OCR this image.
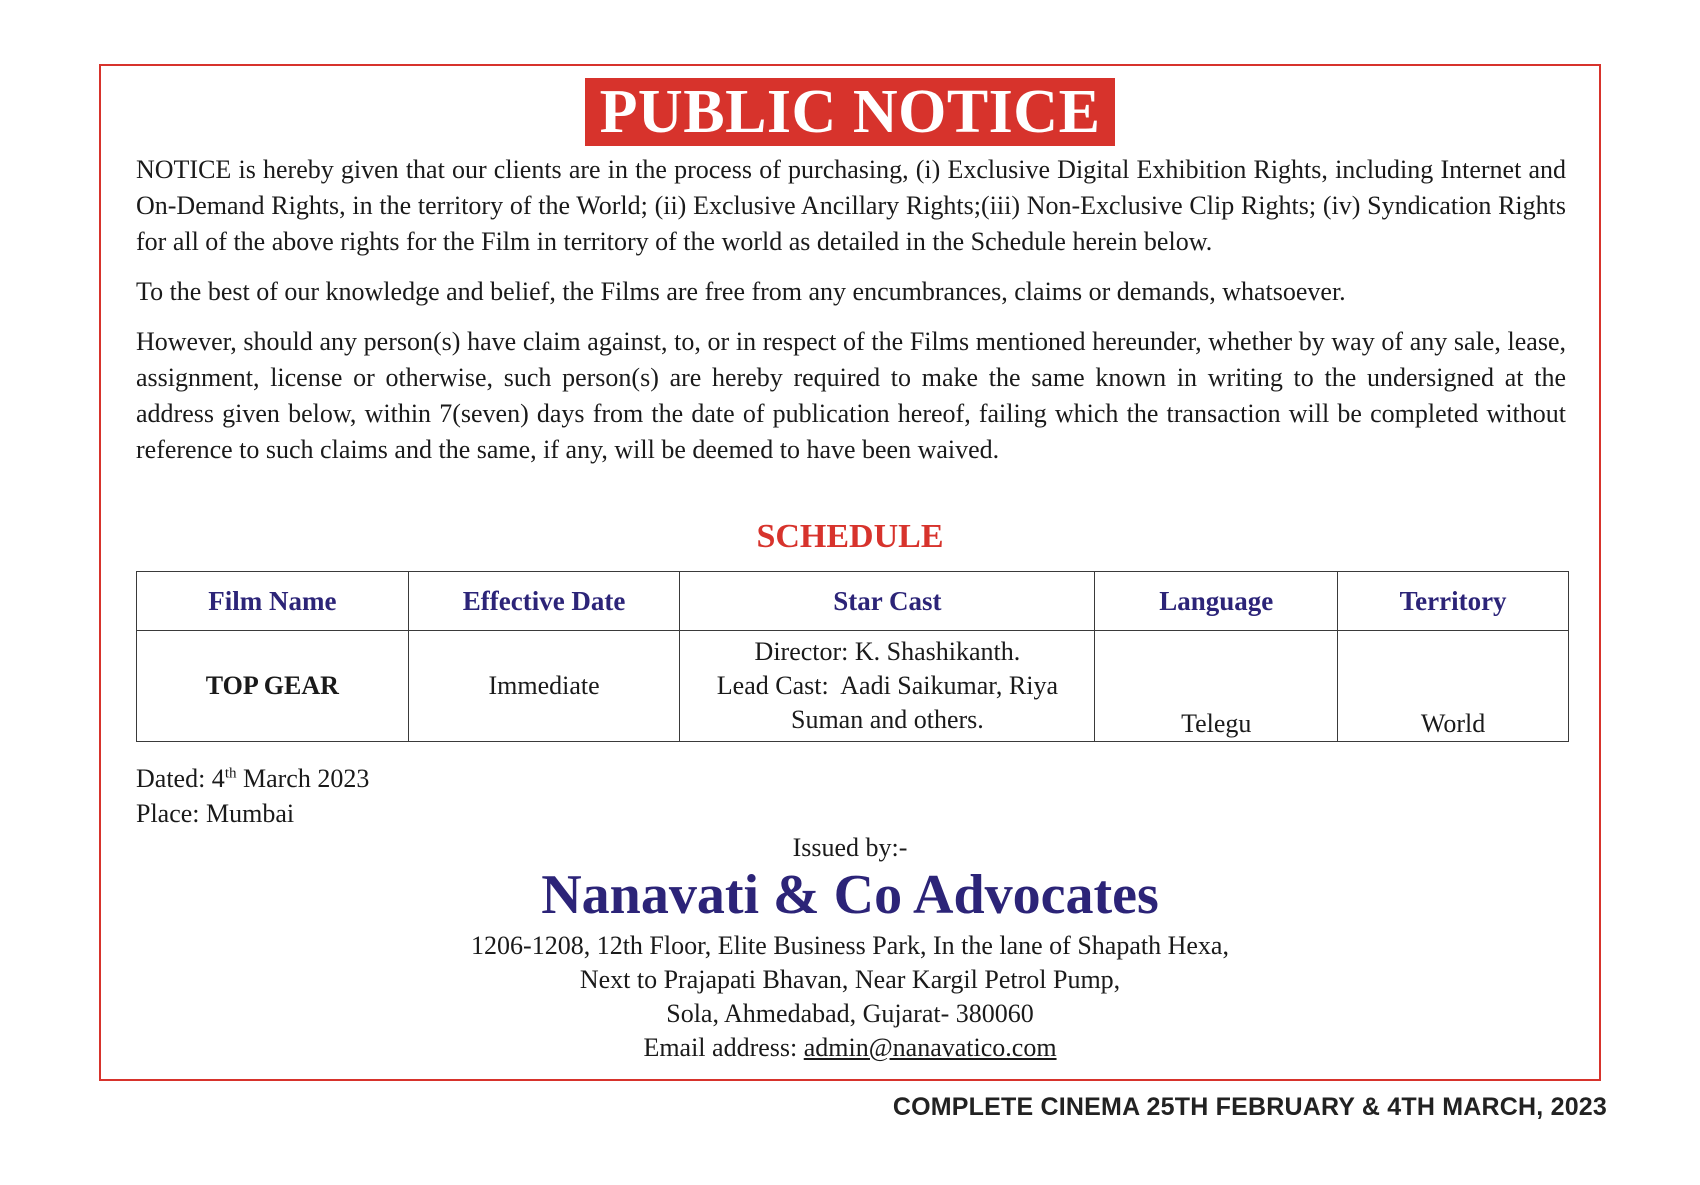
PUBLIC NOTICE

NOTICE is hereby given that our clients are in the process of purchasing, (i) Exclusive Digital Exhibition Rights, including Internet and On-Demand Rights, in the territory of the World; (ii) Exclusive Ancillary Rights;(iii) Non-Exclusive Clip Rights; (iv) Syndication Rights for all of the above rights for the Film in territory of the world as detailed in the Schedule herein below.

To the best of our knowledge and belief, the Films are free from any encumbrances, claims or demands, whatsoever.

However, should any person(s) have claim against, to, or in respect of the Films mentioned hereunder, whether by way of any sale, lease, assignment, license or otherwise, such person(s) are hereby required to make the same known in writing to the undersigned at the address given below, within 7(seven) days from the date of publication hereof, failing which the transaction will be completed without reference to such claims and the same, if any, will be deemed to have been waived.

SCHEDULE
Film Name	Effective Date	Star Cast	Language	Territory
TOP GEAR	Immediate	Director: K. Shashikanth.
Lead Cast:  Aadi Saikumar, Riya
Suman and others.	Telegu	World
Dated: 4th March 2023
Place: Mumbai
Issued by:-
Nanavati & Co Advocates
1206-1208, 12th Floor, Elite Business Park, In the lane of Shapath Hexa,
Next to Prajapati Bhavan, Near Kargil Petrol Pump,
Sola, Ahmedabad, Gujarat- 380060
Email address: admin@nanavatico.com
COMPLETE CINEMA 25TH FEBRUARY & 4TH MARCH, 2023
